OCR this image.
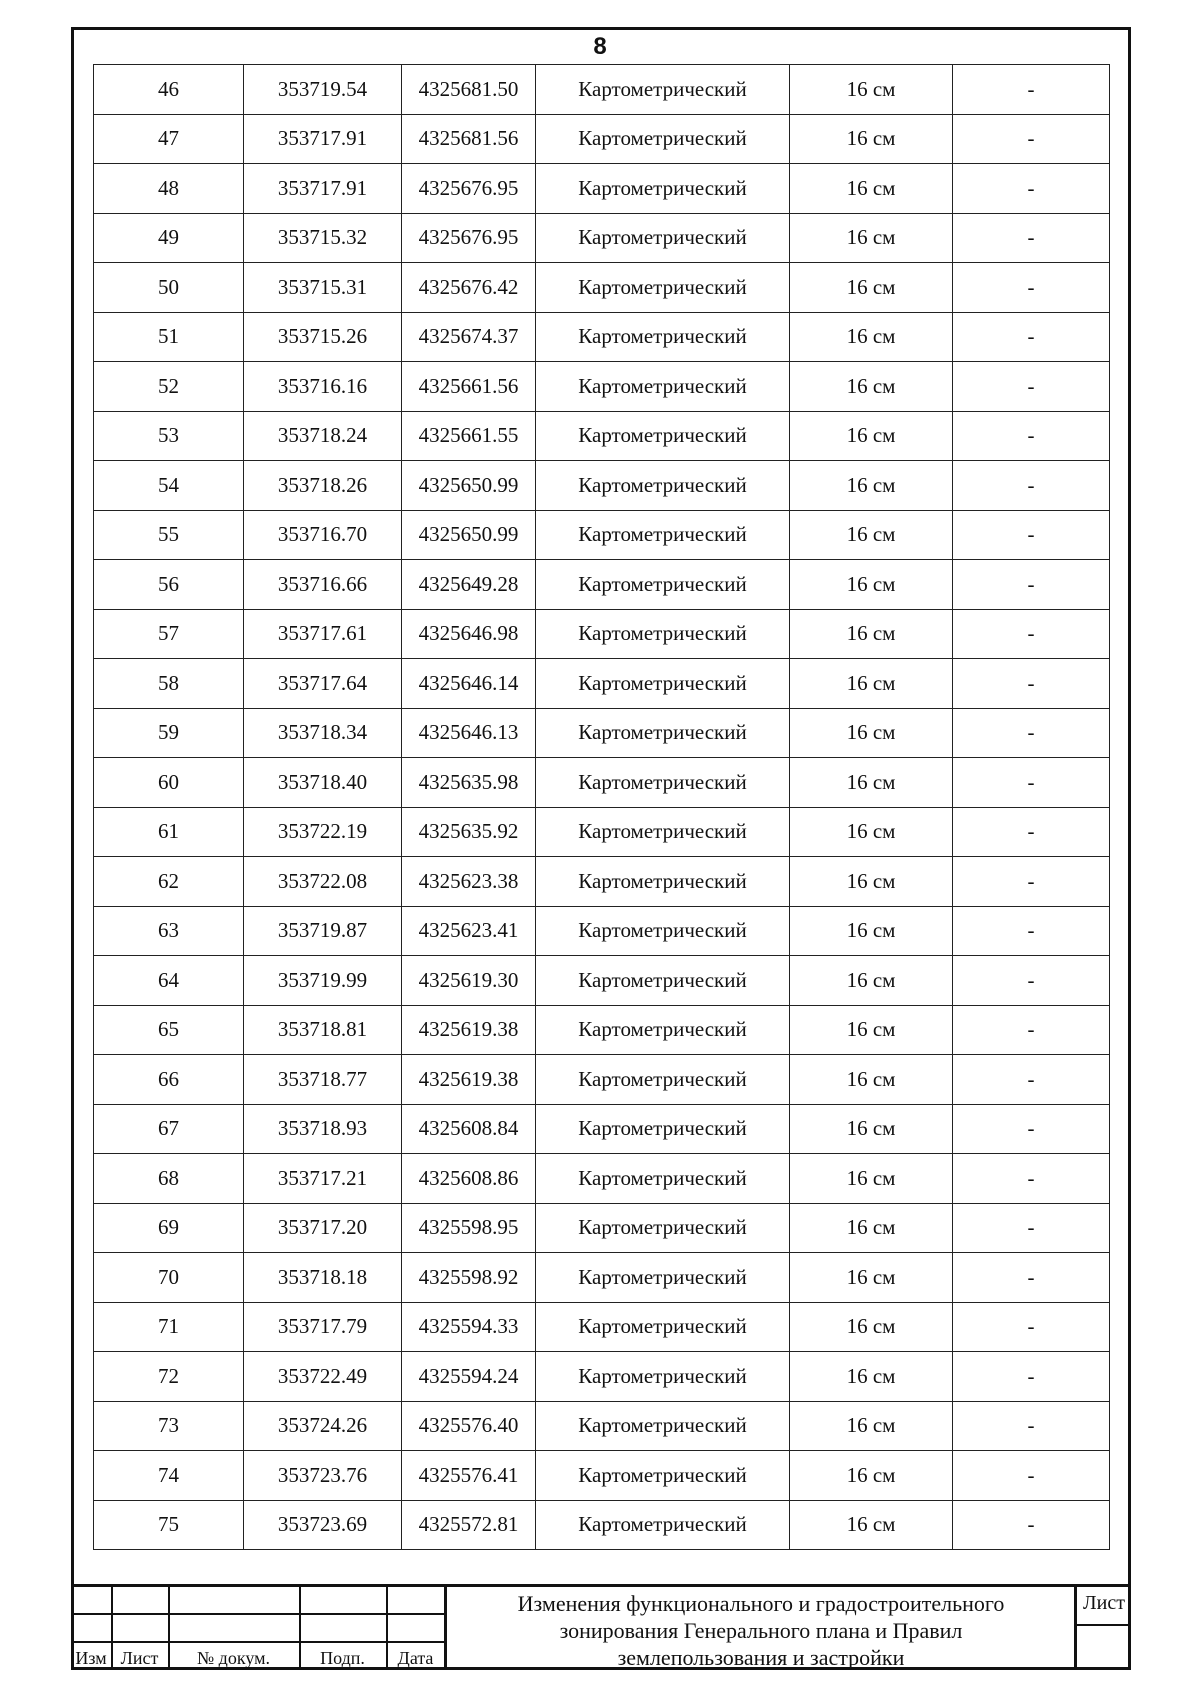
8
46	353719.54	4325681.50	Картометрический	16 см	-
47	353717.91	4325681.56	Картометрический	16 см	-
48	353717.91	4325676.95	Картометрический	16 см	-
49	353715.32	4325676.95	Картометрический	16 см	-
50	353715.31	4325676.42	Картометрический	16 см	-
51	353715.26	4325674.37	Картометрический	16 см	-
52	353716.16	4325661.56	Картометрический	16 см	-
53	353718.24	4325661.55	Картометрический	16 см	-
54	353718.26	4325650.99	Картометрический	16 см	-
55	353716.70	4325650.99	Картометрический	16 см	-
56	353716.66	4325649.28	Картометрический	16 см	-
57	353717.61	4325646.98	Картометрический	16 см	-
58	353717.64	4325646.14	Картометрический	16 см	-
59	353718.34	4325646.13	Картометрический	16 см	-
60	353718.40	4325635.98	Картометрический	16 см	-
61	353722.19	4325635.92	Картометрический	16 см	-
62	353722.08	4325623.38	Картометрический	16 см	-
63	353719.87	4325623.41	Картометрический	16 см	-
64	353719.99	4325619.30	Картометрический	16 см	-
65	353718.81	4325619.38	Картометрический	16 см	-
66	353718.77	4325619.38	Картометрический	16 см	-
67	353718.93	4325608.84	Картометрический	16 см	-
68	353717.21	4325608.86	Картометрический	16 см	-
69	353717.20	4325598.95	Картометрический	16 см	-
70	353718.18	4325598.92	Картометрический	16 см	-
71	353717.79	4325594.33	Картометрический	16 см	-
72	353722.49	4325594.24	Картометрический	16 см	-
73	353724.26	4325576.40	Картометрический	16 см	-
74	353723.76	4325576.41	Картометрический	16 см	-
75	353723.69	4325572.81	Картометрический	16 см	-
Изм Лист	№ докум.	Подп.	Дата
Изменения функционального и градостроительного
зонирования Генерального плана и Правил
землепользования и застройки
Лист
